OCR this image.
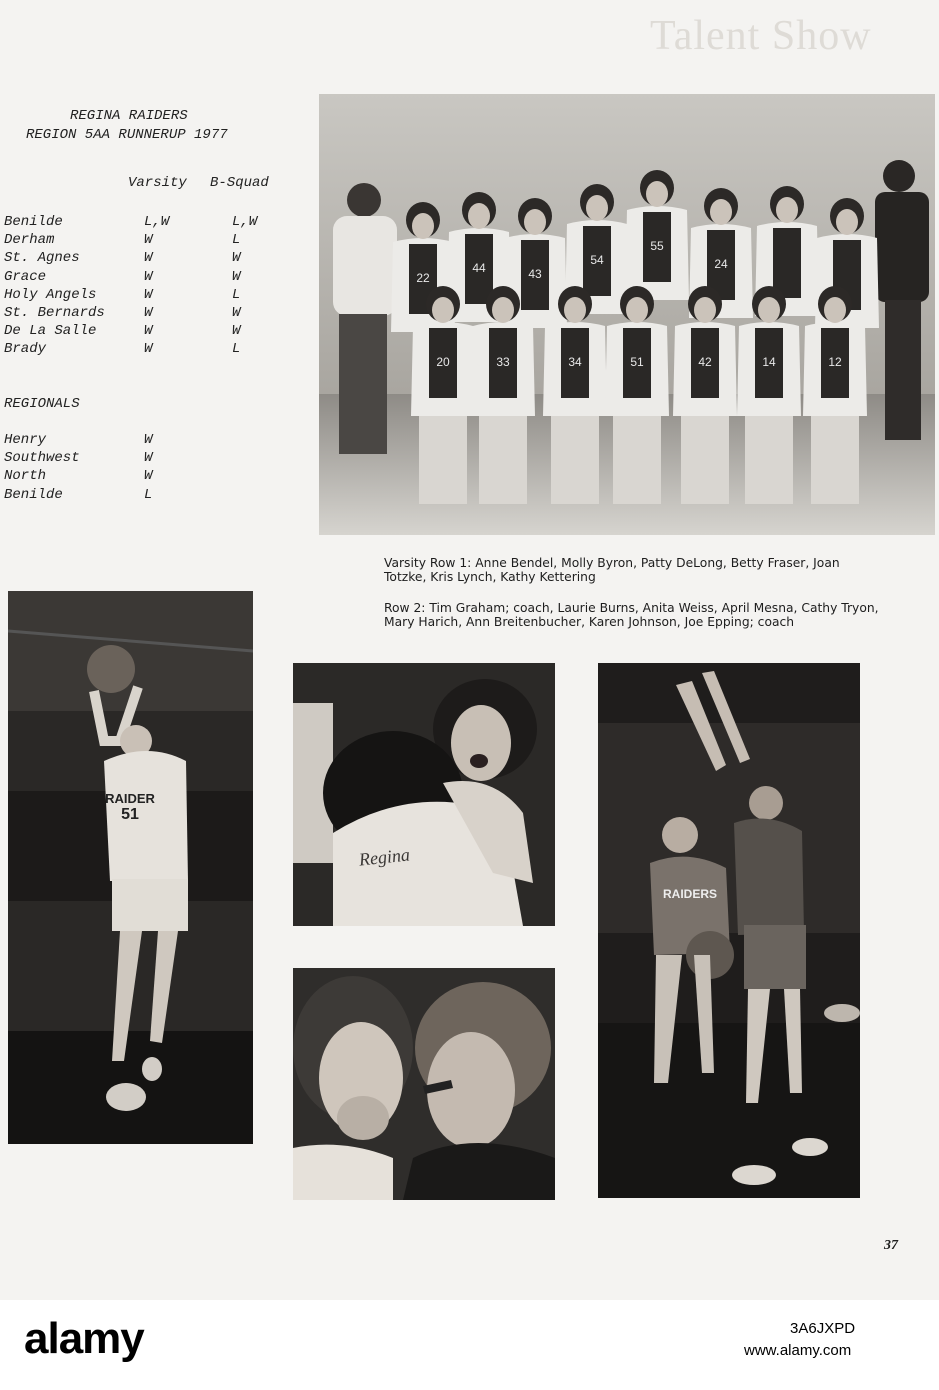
Talent Show
REGINA RAIDERS
REGION 5AA RUNNERUP 1977
Varsity B-Squad
Benilde	L,W	L,W
Derham	W	L
St. Agnes	W	W
Grace	W	W
Holy Angels	W	L
St. Bernards	W	W
De La Salle	W	W
Brady	W	L
REGIONALS
Henry	W
Southwest	W
North	W
Benilde	L
22
44	43
54
55
24
20	33	34	51	42	14	12
Varsity Row 1: Anne Bendel, Molly Byron, Patty DeLong, Betty Fraser, Joan Totzke, Kris Lynch, Kathy Kettering
Row 2: Tim Graham; coach, Laurie Burns, Anita Weiss, April Mesna, Cathy Tryon, Mary Harich, Ann Breitenbucher, Karen Johnson, Joe Epping; coach
RAIDER
51
Regina
RAIDERS
37
alamy	3A6JXPD
www.alamy.com
